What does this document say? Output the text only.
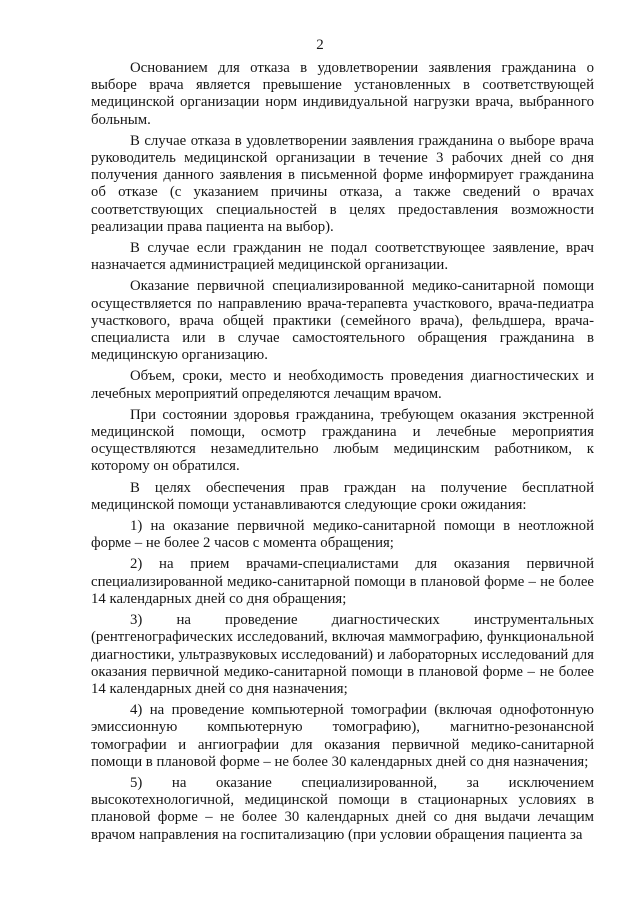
2

Основанием для отказа в удовлетворении заявления гражданина о выборе врача является превышение установленных в соответствующей медицинской организации норм индивидуальной нагрузки врача, выбранного больным.

В случае отказа в удовлетворении заявления гражданина о выборе врача руководитель медицинской организации в течение 3 рабочих дней со дня получения данного заявления в письменной форме информирует гражданина об отказе (с указанием причины отказа, а также сведений о врачах соответствующих специальностей в целях предоставления возможности реализации права пациента на выбор).

В случае если гражданин не подал соответствующее заявление, врач назначается администрацией медицинской организации.

Оказание первичной специализированной медико-санитарной помощи осуществляется по направлению врача-терапевта участкового, врача-педиатра участкового, врача общей практики (семейного врача), фельдшера, врача-специалиста или в случае самостоятельного обращения гражданина в медицинскую организацию.

Объем, сроки, место и необходимость проведения диагностических и лечебных мероприятий определяются лечащим врачом.

При состоянии здоровья гражданина, требующем оказания экстренной медицинской помощи, осмотр гражданина и лечебные мероприятия осуществляются незамедлительно любым медицинским работником, к которому он обратился.

В целях обеспечения прав граждан на получение бесплатной медицинской помощи устанавливаются следующие сроки ожидания:

1) на оказание первичной медико-санитарной помощи в неотложной форме – не более 2 часов с момента обращения;

2) на прием врачами-специалистами для оказания первичной специализированной медико-санитарной помощи в плановой форме – не более 14 календарных дней со дня обращения;

3) на проведение диагностических инструментальных (рентгенографических исследований, включая маммографию, функциональной диагностики, ультразвуковых исследований) и лабораторных исследований для оказания первичной медико-санитарной помощи в плановой форме – не более 14 календарных дней со дня назначения;

4) на проведение компьютерной томографии (включая однофотонную эмиссионную компьютерную томографию), магнитно-резонансной томографии и ангиографии для оказания первичной медико-санитарной помощи в плановой форме – не более 30 календарных дней со дня назначения;

5) на оказание специализированной, за исключением высокотехнологичной, медицинской помощи в стационарных условиях в плановой форме – не более 30 календарных дней со дня выдачи лечащим врачом направления на госпитализацию (при условии обращения пациента за
